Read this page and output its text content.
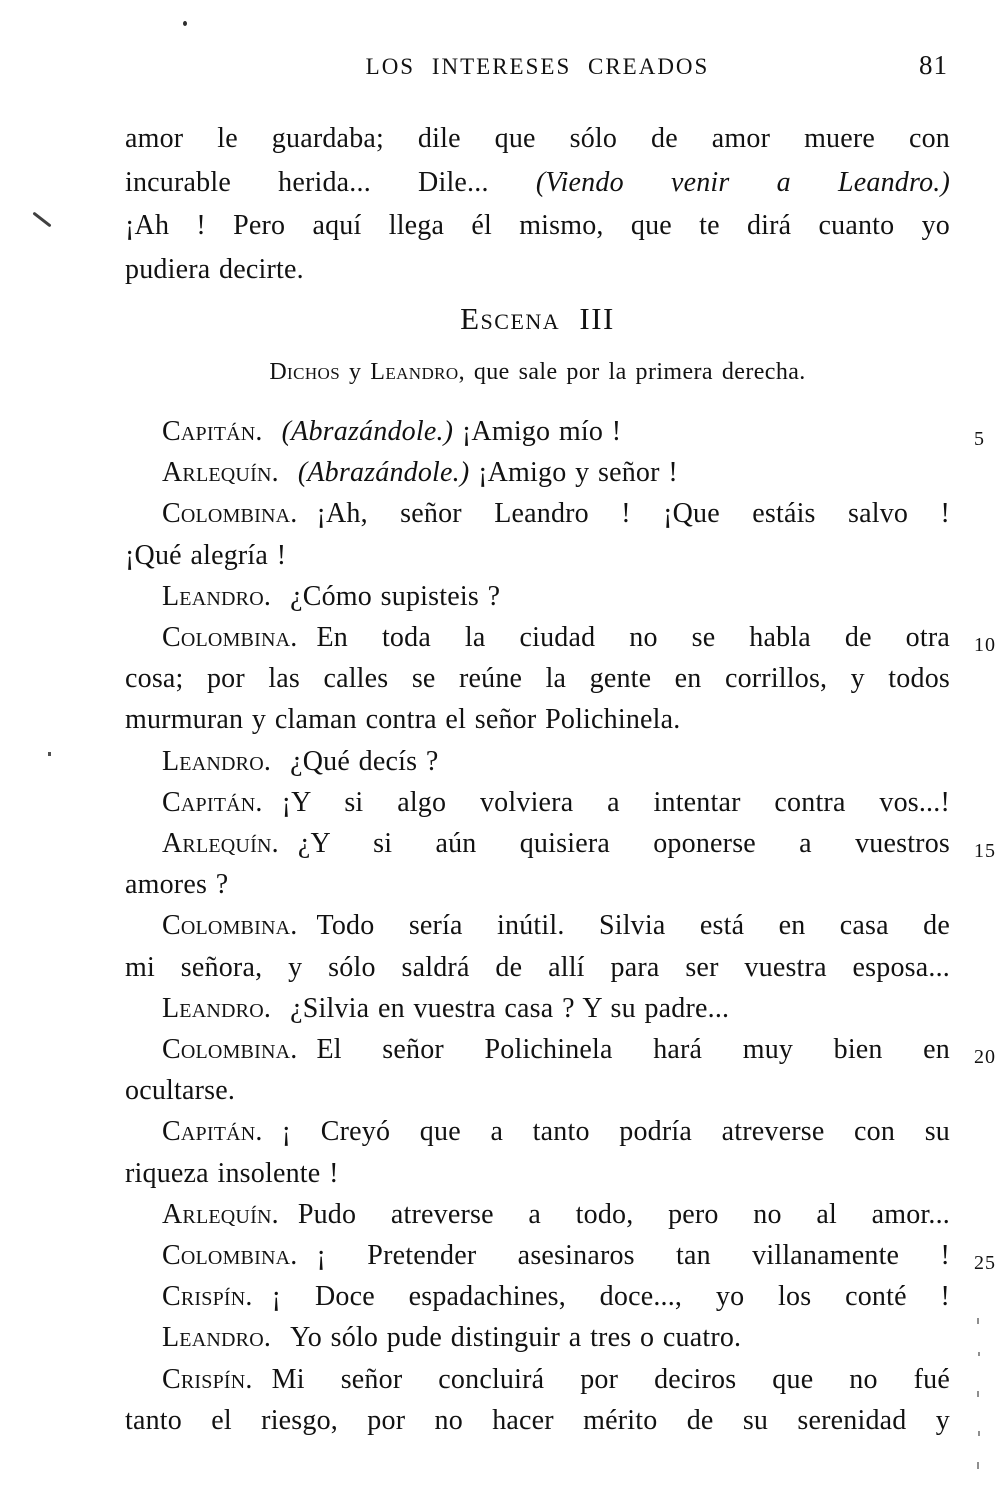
LOS INTERESES CREADOS	81
amor le guardaba; dile que sólo de amor muere con
incurable herida... Dile... (Viendo venir a Leandro.)
¡Ah ! Pero aquí llega él mismo, que te dirá cuanto yo
pudiera decirte.
Escena III
Dichos y Leandro, que sale por la primera derecha.
Capitán. (Abrazándole.) ¡Amigo mío !	5
Arlequín. (Abrazándole.) ¡Amigo y señor !
Colombina. ¡Ah, señor Leandro ! ¡Que estáis salvo !
¡Qué alegría !
Leandro. ¿Cómo supisteis ?
Colombina. En toda la ciudad no se habla de otra 10
cosa; por las calles se reúne la gente en corrillos, y todos
murmuran y claman contra el señor Polichinela.
Leandro. ¿Qué decís ?
Capitán. ¡Y si algo volviera a intentar contra vos...!
Arlequín. ¿Y si aún quisiera oponerse a vuestros 15
amores ?
Colombina. Todo sería inútil. Silvia está en casa de
mi señora, y sólo saldrá de allí para ser vuestra esposa...
Leandro. ¿Silvia en vuestra casa ? Y su padre...
Colombina. El señor Polichinela hará muy bien en 20
ocultarse.
Capitán. ¡ Creyó que a tanto podría atreverse con su
riqueza insolente !
Arlequín. Pudo atreverse a todo, pero no al amor...
Colombina. ¡ Pretender asesinaros tan villanamente ! 25
Crispín. ¡ Doce espadachines, doce..., yo los conté !
Leandro. Yo sólo pude distinguir a tres o cuatro.
Crispín. Mi señor concluirá por deciros que no fué
tanto el riesgo, por no hacer mérito de su serenidad y
